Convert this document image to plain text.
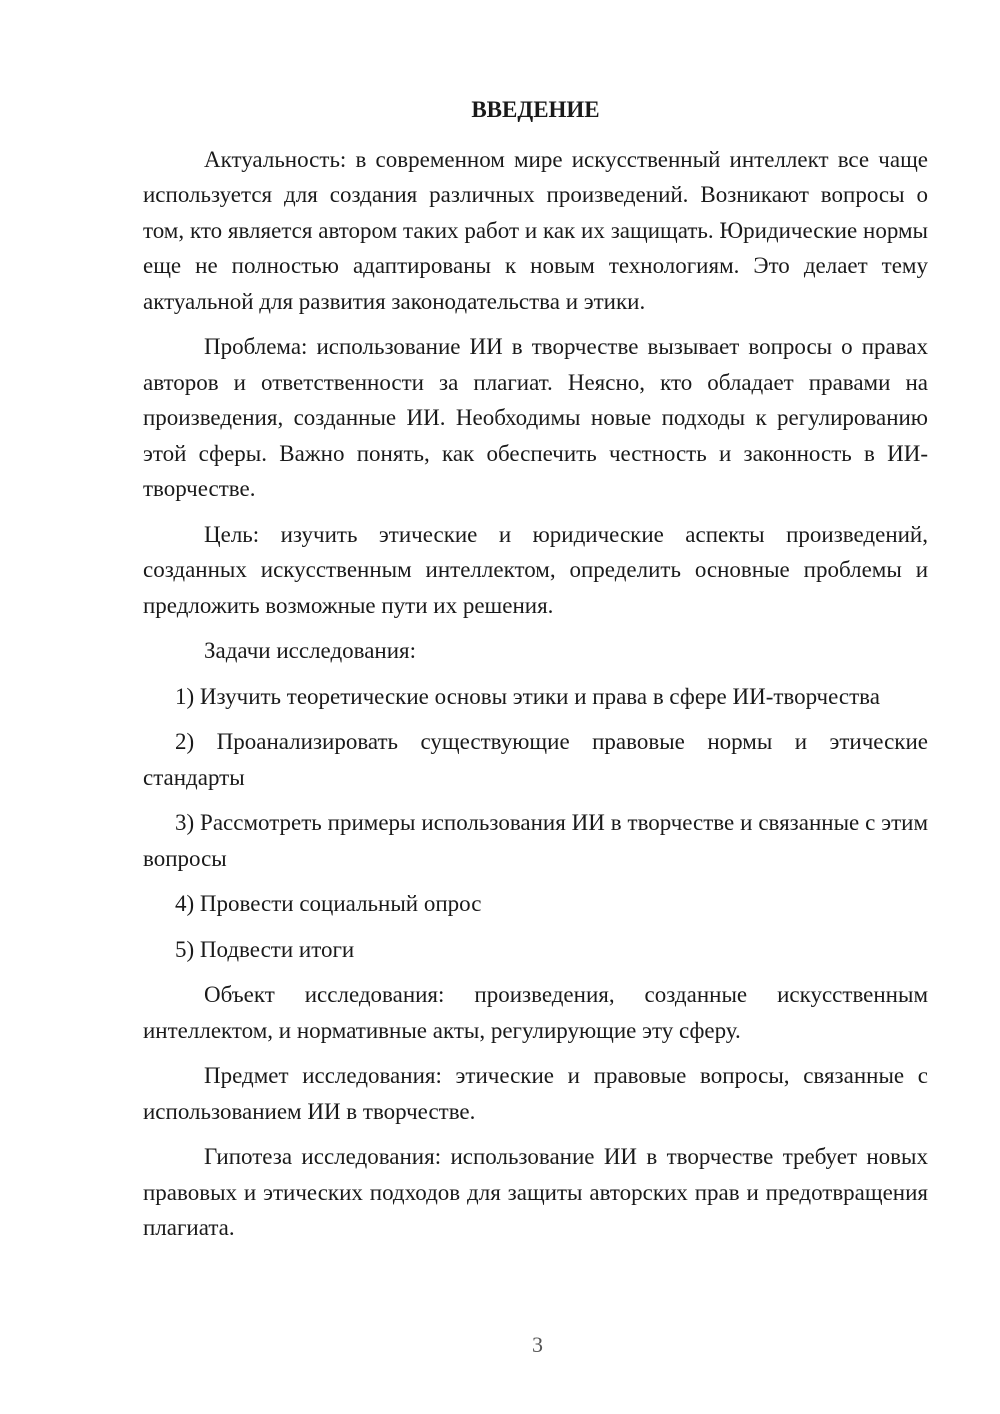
ВВЕДЕНИЕ

Актуальность: в современном мире искусственный интеллект все чаще используется для создания различных произведений. Возникают вопросы о том, кто является автором таких работ и как их защищать. Юридические нормы еще не полностью адаптированы к новым технологиям. Это делает тему актуальной для развития законодательства и этики.

Проблема: использование ИИ в творчестве вызывает вопросы о правах авторов и ответственности за плагиат. Неясно, кто обладает правами на произведения, созданные ИИ. Необходимы новые подходы к регулированию этой сферы. Важно понять, как обеспечить честность и законность в ИИ-творчестве.

Цель: изучить этические и юридические аспекты произведений, созданных искусственным интеллектом, определить основные проблемы и предложить возможные пути их решения.

Задачи исследования:

1) Изучить теоретические основы этики и права в сфере ИИ-творчества

2) Проанализировать существующие правовые нормы и этические стандарты

3) Рассмотреть примеры использования ИИ в творчестве и связанные с этим вопросы

4) Провести социальный опрос

5) Подвести итоги

Объект исследования: произведения, созданные искусственным интеллектом, и нормативные акты, регулирующие эту сферу.

Предмет исследования: этические и правовые вопросы, связанные с использованием ИИ в творчестве.

Гипотеза исследования: использование ИИ в творчестве требует новых правовых и этических подходов для защиты авторских прав и предотвращения плагиата.

3
